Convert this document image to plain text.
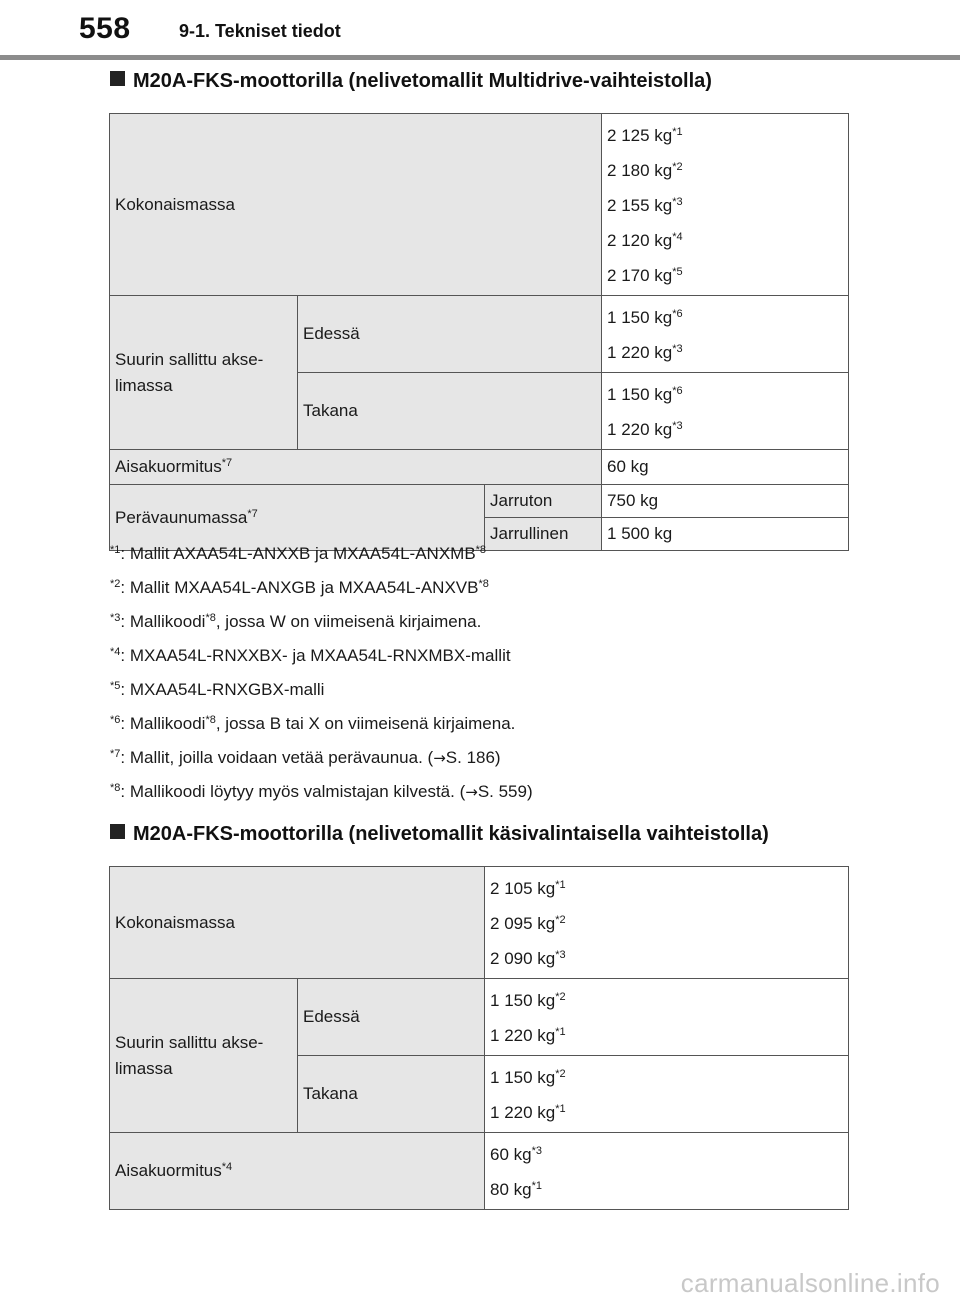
558	9-1. Tekniset tiedot
M20A-FKS-moottorilla (nelivetomallit Multidrive-vaihteistolla)
Kokonaismassa			2 125 $kg^{*1}$
2 180 $kg^{*2}$
2 155 $kg^{*3}$
2 120 $kg^{*4}$
2 170 $kg^{*5}$

Suurin sallittu akse-limassa	Edessä		1 150 $kg^{*6}$
1 220 $kg^{*3}$

	Takana		1 150 $kg^{*6}$
1 220 $kg^{*3}$

Aisakuormitus$^{*7}$			60 kg
Perävaunumassa$^{*7}$		Jarruton	750 kg
		Jarrullinen	1 500 kg
$^{*1}$: Mallit AXAA54L-ANXXB ja MXAA54L-ANXMB$^{*8}$
$^{*2}$: Mallit MXAA54L-ANXGB ja MXAA54L-ANXVB$^{*8}$
$^{*3}$: Mallikoodi$^{*8}$, jossa W on viimeisenä kirjaimena.
$^{*4}$: MXAA54L-RNXXBX- ja MXAA54L-RNXMBX-mallit
$^{*5}$: MXAA54L-RNXGBX-malli
$^{*6}$: Mallikoodi$^{*8}$, jossa B tai X on viimeisenä kirjaimena.
$^{*7}$: Mallit, joilla voidaan vetää perävaunua. (→S. 186)
$^{*8}$: Mallikoodi löytyy myös valmistajan kilvestä. (→S. 559)
M20A-FKS-moottorilla (nelivetomallit käsivalintaisella vaihteistolla)
Kokonaismassa		2 105 $kg^{*1}$
2 095 $kg^{*2}$
2 090 $kg^{*3}$

Suurin sallittu akse-limassa	Edessä	1 150 $kg^{*2}$
1 220 $kg^{*1}$

	Takana	1 150 $kg^{*2}$
1 220 $kg^{*1}$

Aisakuormitus$^{*4}$		60 $kg^{*3}$
80 $kg^{*1}$
carmanualsonline.info
